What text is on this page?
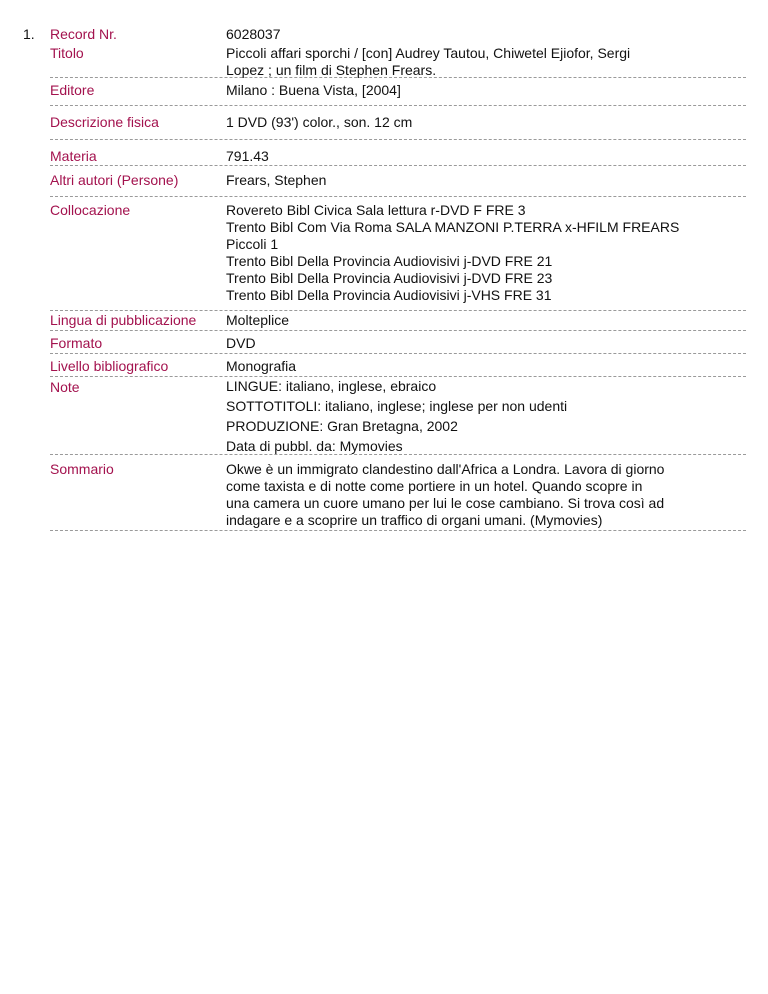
1. Record Nr.	6028037
Titolo	Piccoli affari sporchi / [con] Audrey Tautou, Chiwetel Ejiofor, Sergi
Lopez ; un film di Stephen Frears.
Editore	Milano : Buena Vista, [2004]
Descrizione fisica	1 DVD (93') color., son. 12 cm
Materia	791.43
Altri autori (Persone)	Frears, Stephen
Collocazione	Rovereto Bibl Civica Sala lettura r-DVD F FRE 3
Trento Bibl Com Via Roma SALA MANZONI P.TERRA x-HFILM FREARS
Piccoli 1
Trento Bibl Della Provincia Audiovisivi j-DVD FRE 21
Trento Bibl Della Provincia Audiovisivi j-DVD FRE 23
Trento Bibl Della Provincia Audiovisivi j-VHS FRE 31
Lingua di pubblicazione Molteplice
Formato	DVD
Livello bibliografico	Monografia
Note	LINGUE: italiano, inglese, ebraico
SOTTOTITOLI: italiano, inglese; inglese per non udenti
PRODUZIONE: Gran Bretagna, 2002
Data di pubbl. da: Mymovies
Sommario	Okwe è un immigrato clandestino dall'Africa a Londra. Lavora di giorno
come taxista e di notte come portiere in un hotel. Quando scopre in
una camera un cuore umano per lui le cose cambiano. Si trova così ad
indagare e a scoprire un traffico di organi umani. (Mymovies)
